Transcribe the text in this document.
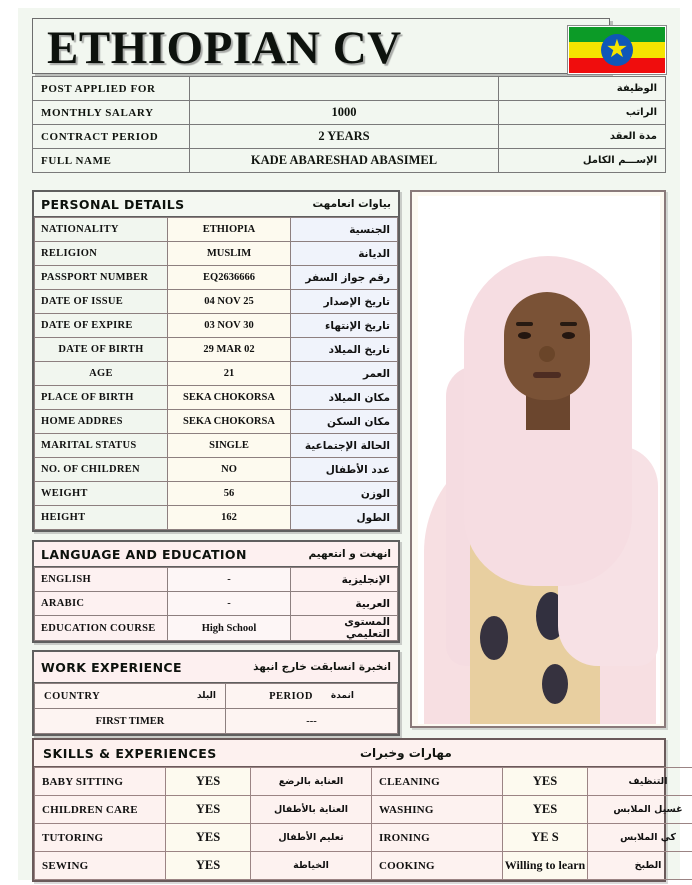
ETHIOPIAN CV	★
POST APPLIED FOR		الوظيفة
MONTHLY SALARY	1000	الراتب
CONTRACT PERIOD	2 YEARS	مدة العقد
FULL NAME	KADE ABARESHAD ABASIMEL	الإســـم الكامل
PERSONAL DETAILS	بياوات انعامهت
NATIONALITY	ETHIOPIA	الجنسية
RELIGION	MUSLIM	الديانة
PASSPORT NUMBER	EQ2636666	رقم جواز السفر
DATE OF ISSUE	04 NOV 25	تاريخ الإصدار
DATE OF EXPIRE	03 NOV 30	تاريخ الإنتهاء
DATE OF BIRTH	29 MAR 02	تاريخ الميلاد
AGE	21	العمر
PLACE OF BIRTH	SEKA CHOKORSA	مكان الميلاد
HOME ADDRES	SEKA CHOKORSA	مكان السكن
MARITAL STATUS	SINGLE	الحالة الإجتماعية
NO. OF CHILDREN	NO	عدد الأطفال
WEIGHT	56	الوزن
HEIGHT	162	الطول
LANGUAGE AND EDUCATION	انهغت و انتعهيم
ENGLISH	-	الإنجليزية
ARABIC	-	العربية
EDUCATION COURSE	High School	المستوى التعليمي
WORK EXPERIENCE	انخبرة انسابقت خارج انبهذ
COUNTRY البلد	PERIOD انمدة

FIRST TIMER	---
SKILLS & EXPERIENCES	مهارات وخبرات
BABY SITTING	YES	العناية بالرضع	CLEANING	YES	التنظيف
CHILDREN CARE	YES	العناية بالأطفال	WASHING	YES	غسيل الملابس
TUTORING	YES	تعليم الأطفال	IRONING	YE S	كي الملابس
SEWING	YES	الخياطة	COOKING	Willing to learn	الطبخ
